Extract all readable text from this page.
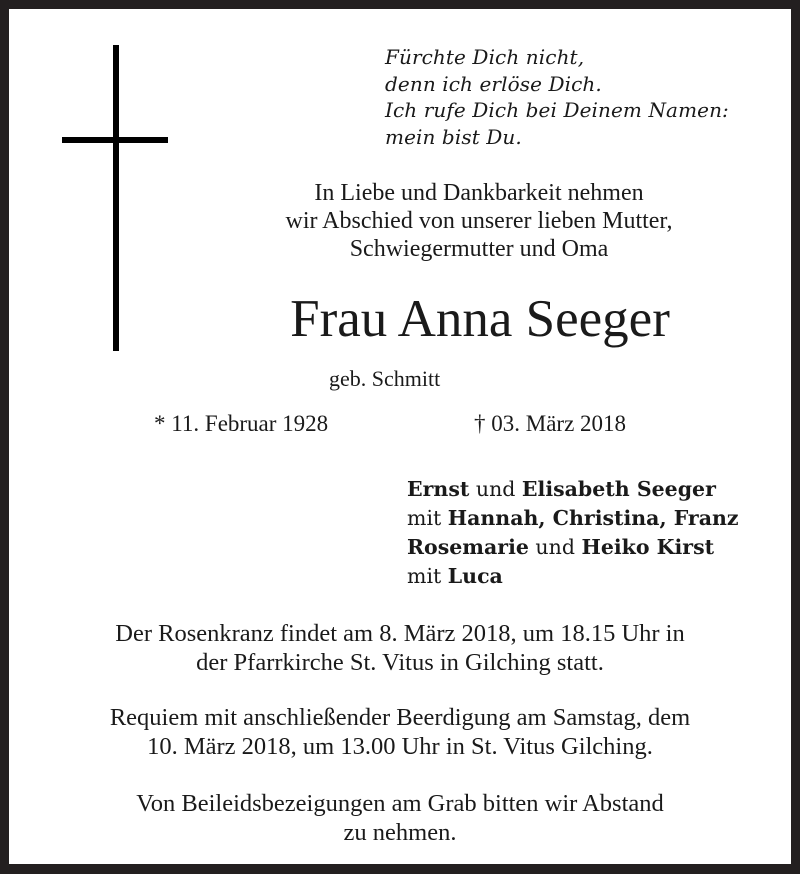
Fürchte Dich nicht,
denn ich erlöse Dich.
Ich rufe Dich bei Deinem Namen:
mein bist Du.
In Liebe und Dankbarkeit nehmen
wir Abschied von unserer lieben Mutter,
Schwiegermutter und Oma
Frau Anna Seeger
geb. Schmitt
* 11. Februar 1928	† 03. März 2018
Ernst und Elisabeth Seeger
mit Hannah, Christina, Franz
Rosemarie und Heiko Kirst
mit Luca
Der Rosenkranz findet am 8. März 2018, um 18.15 Uhr in
der Pfarrkirche St. Vitus in Gilching statt.
Requiem mit anschließender Beerdigung am Samstag, dem
10. März 2018, um 13.00 Uhr in St. Vitus Gilching.
Von Beileidsbezeigungen am Grab bitten wir Abstand
zu nehmen.
